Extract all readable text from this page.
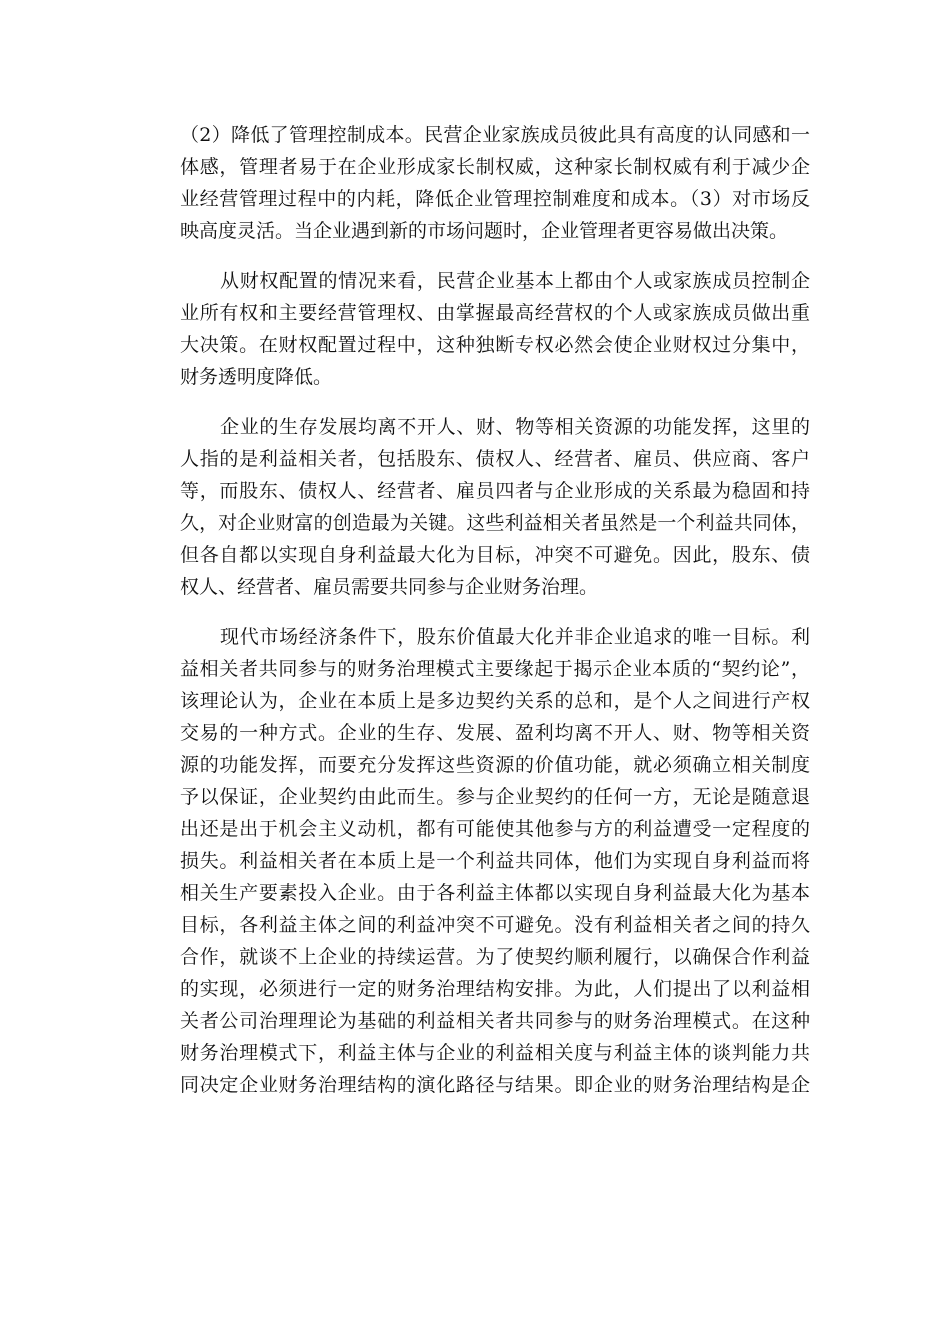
（2）降低了管理控制成本。民营企业家族成员彼此具有高度的认同感和一
体感，管理者易于在企业形成家长制权威，这种家长制权威有利于减少企
业经营管理过程中的内耗，降低企业管理控制难度和成本。（3）对市场反
映高度灵活。当企业遇到新的市场问题时，企业管理者更容易做出决策。
从财权配置的情况来看，民营企业基本上都由个人或家族成员控制企
业所有权和主要经营管理权、由掌握最高经营权的个人或家族成员做出重
大决策。在财权配置过程中，这种独断专权必然会使企业财权过分集中，
财务透明度降低。
企业的生存发展均离不开人、财、物等相关资源的功能发挥，这里的
人指的是利益相关者，包括股东、债权人、经营者、雇员、供应商、客户
等，而股东、债权人、经营者、雇员四者与企业形成的关系最为稳固和持
久，对企业财富的创造最为关键。这些利益相关者虽然是一个利益共同体，
但各自都以实现自身利益最大化为目标，冲突不可避免。因此，股东、债
权人、经营者、雇员需要共同参与企业财务治理。
现代市场经济条件下，股东价值最大化并非企业追求的唯一目标。利
益相关者共同参与的财务治理模式主要缘起于揭示企业本质的“契约论”，
该理论认为，企业在本质上是多边契约关系的总和，是个人之间进行产权
交易的一种方式。企业的生存、发展、盈利均离不开人、财、物等相关资
源的功能发挥，而要充分发挥这些资源的价值功能，就必须确立相关制度
予以保证，企业契约由此而生。参与企业契约的任何一方，无论是随意退
出还是出于机会主义动机，都有可能使其他参与方的利益遭受一定程度的
损失。利益相关者在本质上是一个利益共同体，他们为实现自身利益而将
相关生产要素投入企业。由于各利益主体都以实现自身利益最大化为基本
目标，各利益主体之间的利益冲突不可避免。没有利益相关者之间的持久
合作，就谈不上企业的持续运营。为了使契约顺利履行，以确保合作利益
的实现，必须进行一定的财务治理结构安排。为此，人们提出了以利益相
关者公司治理理论为基础的利益相关者共同参与的财务治理模式。在这种
财务治理模式下，利益主体与企业的利益相关度与利益主体的谈判能力共
同决定企业财务治理结构的演化路径与结果。即企业的财务治理结构是企
